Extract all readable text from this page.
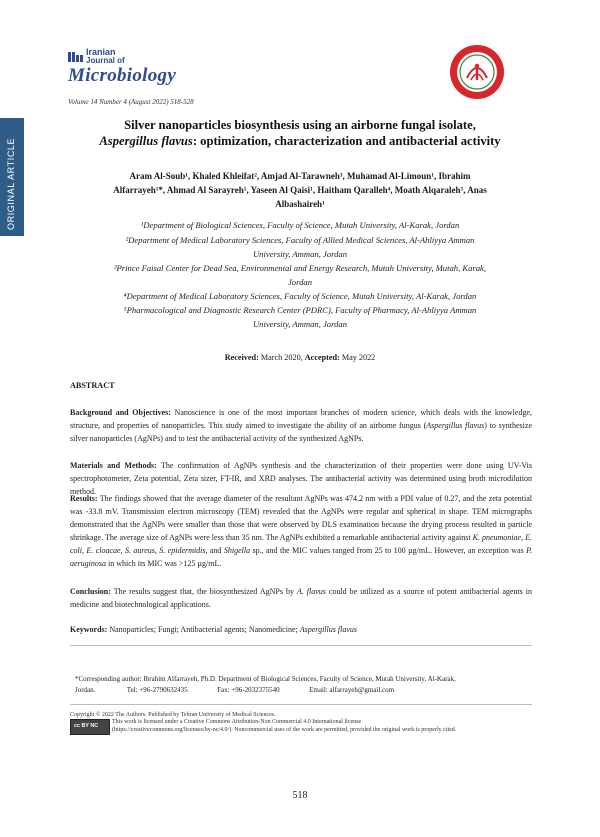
Iranian
Journal of
Microbiology
Volume 14 Number 4 (August 2022) 518-528
ORIGINAL ARTICLE
Silver nanoparticles biosynthesis using an airborne fungal isolate,
Aspergillus flavus: optimization, characterization and antibacterial activity
Aram Al-Soub¹, Khaled Khleifat², Amjad Al-Tarawneh³, Muhamad Al-Limoun¹, Ibrahim
Alfarrayeh¹*, Ahmad Al Sarayreh¹, Yaseen Al Qaisi¹, Haitham Qaralleh⁴, Moath Alqaraleh⁵, Anas
Albashaireh¹
¹Department of Biological Sciences, Faculty of Science, Mutah University, Al-Karak, Jordan
²Department of Medical Laboratory Sciences, Faculty of Allied Medical Sciences, Al-Ahliyya Amman
University, Amman, Jordan
³Prince Faisal Center for Dead Sea, Environmental and Energy Research, Mutah University, Mutah, Karak,
Jordan
⁴Department of Medical Laboratory Sciences, Faculty of Science, Mutah University, Al-Karak, Jordan
⁵Pharmacological and Diagnostic Research Center (PDRC), Faculty of Pharmacy, Al-Ahliyya Amman
University, Amman, Jordan
Received: March 2020, Accepted: May 2022
ABSTRACT
Background and Objectives: Nanoscience is one of the most important branches of modern science, which deals with the knowledge, structure, and properties of nanoparticles. This study aimed to investigate the ability of an airborne fungus (Aspergillus flavus) to synthesize silver nanoparticles (AgNPs) and to test the antibacterial activity of the synthesized AgNPs.
Materials and Methods: The confirmation of AgNPs synthesis and the characterization of their properties were done using UV-Vis spectrophotometer, Zeta potential, Zeta sizer, FT-IR, and XRD analyses. The antibacterial activity was determined using broth microdilution method.
Results: The findings showed that the average diameter of the resultant AgNPs was 474.2 nm with a PDI value of 0.27, and the zeta potential was -33.8 mV. Transmission electron microscopy (TEM) revealed that the AgNPs were regular and spherical in shape. TEM micrographs demonstrated that the AgNPs were smaller than those that were observed by DLS examination because the drying process resulted in particle shrinkage. The average size of AgNPs were less than 35 nm. The AgNPs exhibited a remarkable antibacterial activity against K. pneumoniae, E. coli, E. cloacae, S. aureus, S. epidermidis, and Shigella sp., and the MIC values ranged from 25 to 100 µg/mL. However, an exception was P. aeruginosa in which its MIC was >125 µg/mL.
Conclusion: The results suggest that, the biosynthesized AgNPs by A. flavus could be utilized as a source of potent antibacterial agents in medicine and biotechnological applications.
Keywords: Nanoparticles; Fungi; Antibacterial agents; Nanomedicine; Aspergillus flavus
*Corresponding author: Ibrahim Alfarrayeh, Ph.D. Department of Biological Sciences, Faculty of Science, Mutah University, Al-Karak,
Jordan.	Tel: +96-2790632435	Fax: +96-2032375540	Email: alfarrayeh@gmail.com
Copyright © 2022 The Authors. Published by Tehran University of Medical Sciences.
cc BY NC
This work is licensed under a Creative Commons Attribution-Non Commercial 4.0 International license
(https://creativecommons.org/licenses/by-nc/4.0/). Noncommercial uses of the work are permitted, provided the original work is properly cited.
518
